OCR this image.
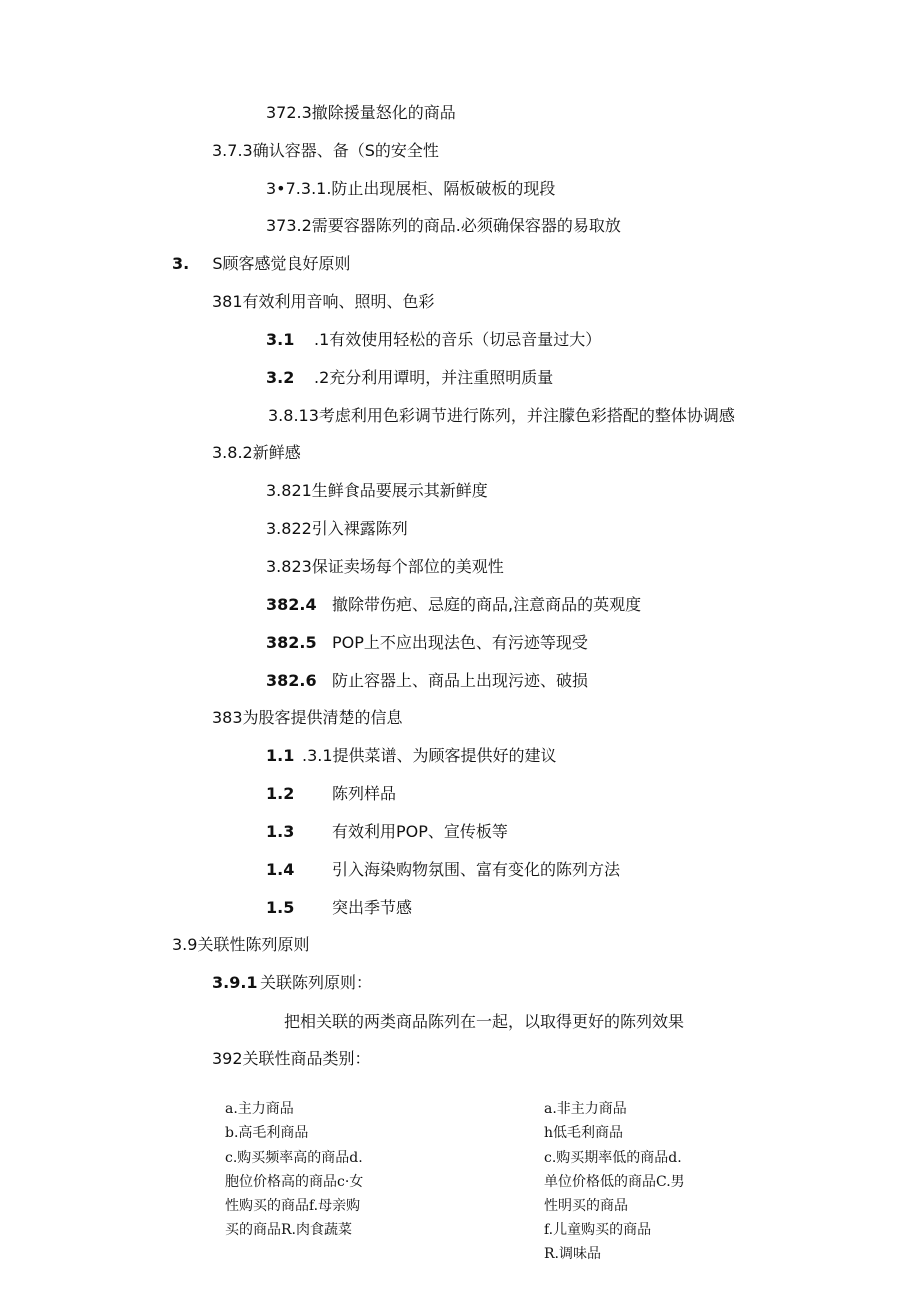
372.3撤除援量怒化的商品
3.7.3确认容器、备（S的安全性
3•7.3.1.防止出现展柜、隔板破板的现段
373.2需要容器陈列的商品.必须确保容器的易取放
3. S顾客感觉良好原则
381有效利用音响、照明、色彩
3.1 .1有效使用轻松的音乐（切忌音量过大）
3.2 .2充分利用谭明，并注重照明质量
3.8.13考虑利用色彩调节进行陈列，并注朦色彩搭配的整体协调感
3.8.2新鲜感
3.821生鲜食品要展示其新鲜度
3.822引入裸露陈列
3.823保证卖场每个部位的美观性
382.4 撤除带伤疤、忌庭的商品,注意商品的英观度
382.5 POP上不应出现法色、有污迹等现受
382.6 防止容器上、商品上出现污迹、破损
383为股客提供清楚的信息
1.1 .3.1提供菜谱、为顾客提供好的建议
1.2 陈列样品
1.3 有效利用POP、宣传板等
1.4 引入海染购物氛围、富有变化的陈列方法
1.5 突出季节感
3.9关联性陈列原则
3.9.1 关联陈列原则：
把相关联的两类商品陈列在一起，以取得更好的陈列效果
392关联性商品类别：
a.主力商品
b.高毛利商品
c.购买频率高的商品d.
胞位价格高的商品c·女
性购买的商品f.母亲购
买的商品R.肉食蔬菜
a.非主力商品
h低毛利商品
c.购买期率低的商品d.
单位价格低的商品C.男
性明买的商品
f.儿童购买的商品
R.调味品
